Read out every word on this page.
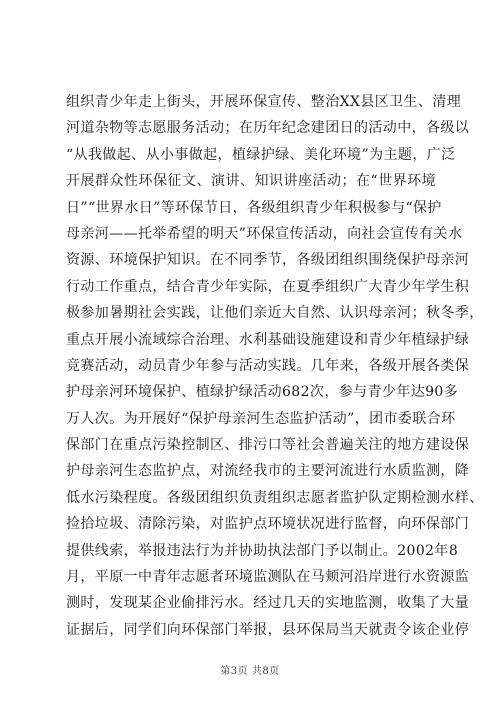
组织青少年走上街头，开展环保宣传、整治XX县区卫生、清理
河道杂物等志愿服务活动；在历年纪念建团日的活动中，各级以
“从我做起、从小事做起，植绿护绿、美化环境”为主题，广泛
开展群众性环保征文、演讲、知识讲座活动；在“世界环境
日”“世界水日”等环保节日，各级组织青少年积极参与“保护
母亲河——托举希望的明天”环保宣传活动，向社会宣传有关水
资源、环境保护知识。在不同季节，各级团组织围绕保护母亲河
行动工作重点，结合青少年实际，在夏季组织广大青少年学生积
极参加暑期社会实践，让他们亲近大自然、认识母亲河；秋冬季，
重点开展小流域综合治理、水利基础设施建设和青少年植绿护绿
竞赛活动，动员青少年参与活动实践。几年来，各级开展各类保
护母亲河环境保护、植绿护绿活动682次，参与青少年达90多
万人次。为开展好“保护母亲河生态监护活动”，团市委联合环
保部门在重点污染控制区、排污口等社会普遍关注的地方建设保
护母亲河生态监护点，对流经我市的主要河流进行水质监测，降
低水污染程度。各级团组织负责组织志愿者监护队定期检测水样、
捡拾垃圾、清除污染，对监护点环境状况进行监督，向环保部门
提供线索，举报违法行为并协助执法部门予以制止。2002年8
月，平原一中青年志愿者环境监测队在马颊河沿岸进行水资源监
测时，发现某企业偷排污水。经过几天的实地监测，收集了大量
证据后，同学们向环保部门举报，县环保局当天就责令该企业停
第3页 共8页
